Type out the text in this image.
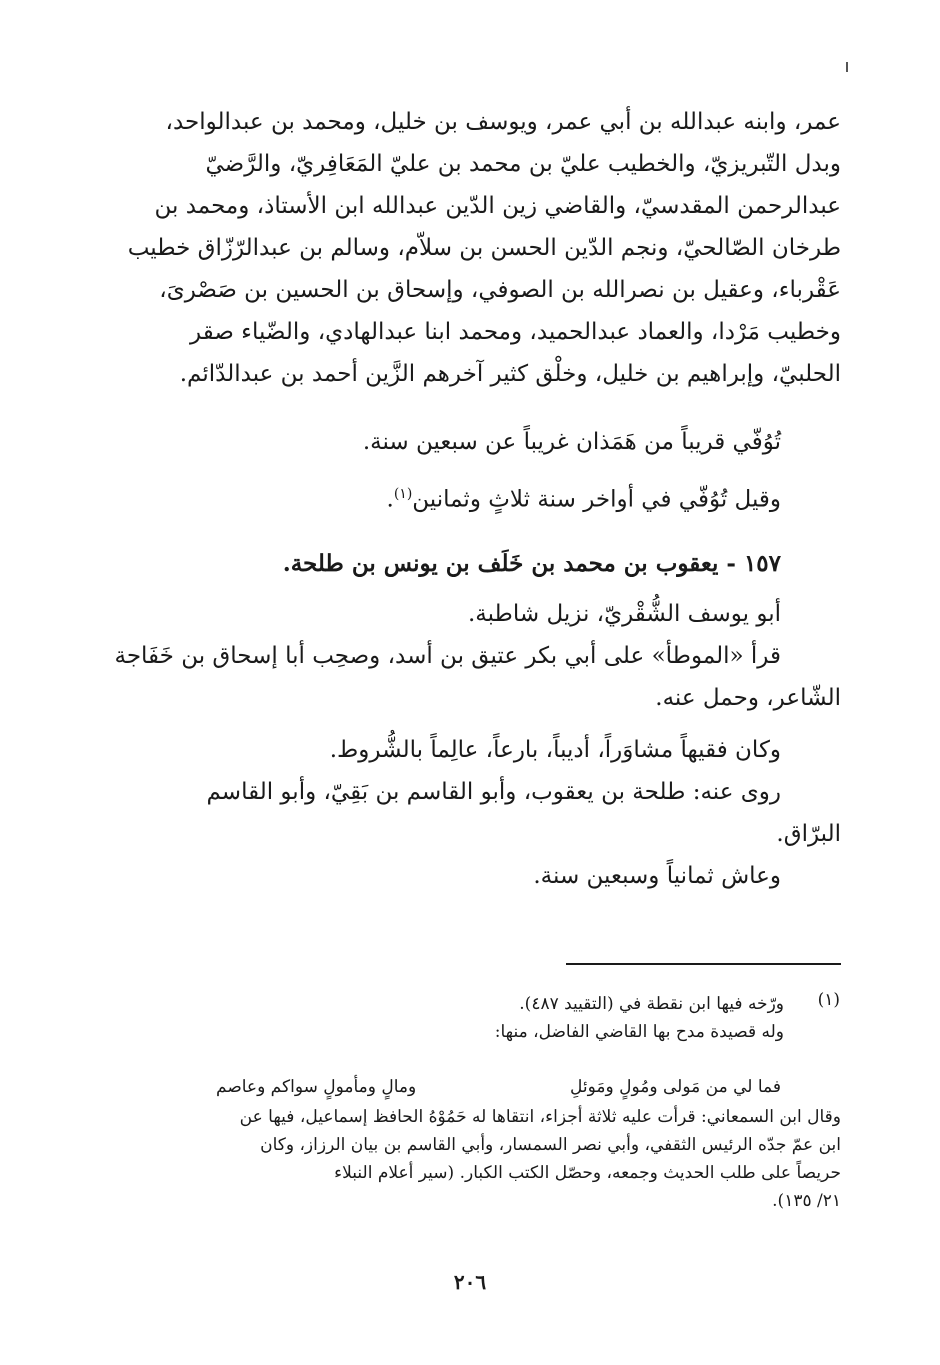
عمر، وابنه عبدالله بن أبي عمر، ويوسف بن خليل، ومحمد بن عبدالواحد،
وبدل التّبريزيّ، والخطيب عليّ بن محمد بن عليّ المَعَافِريّ، والرَّضيّ
عبدالرحمن المقدسيّ، والقاضي زين الدّين عبدالله ابن الأستاذ، ومحمد بن
طرخان الصّالحيّ، ونجم الدّين الحسن بن سلاّم، وسالم بن عبدالرّزّاق خطيب
عَقْرباء، وعقيل بن نصرالله بن الصوفي، وإسحاق بن الحسين بن صَصْرىَ،
وخطيب مَرْدا، والعماد عبدالحميد، ومحمد ابنا عبدالهادي، والضّياء صقر
الحلبيّ، وإبراهيم بن خليل، وخلْق كثير آخرهم الزَّين أحمد بن عبدالدّائم.
تُوُفّي قريباً من هَمَذان غريباً عن سبعين سنة.
وقيل تُوُفّي في أواخر سنة ثلاثٍ وثمانين$^{(١)}$.
١٥٧ - يعقوب بن محمد بن خَلَف بن يونس بن طلحة.
أبو يوسف الشُّقْريّ، نزيل شاطبة.
قرأ «الموطأ» على أبي بكر عتيق بن أسد، وصحِب أبا إسحاق بن خَفَاجة
الشّاعر، وحمل عنه.
وكان فقيهاً مشاوَراً، أديباً، بارعاً، عالِماً بالشُّروط.
روى عنه: طلحة بن يعقوب، وأبو القاسم بن بَقِيّ، وأبو القاسم
البرّاق.
وعاش ثمانياً وسبعين سنة.
(١)
ورّخه فيها ابن نقطة في (التقييد ٤٨٧).
وله قصيدة مدح بها القاضي الفاضل، منها:
فما لي من مَولى ومُولٍ ومَوئلِ
ومالٍ ومأمولٍ سواكم وعاصم
وقال ابن السمعاني: قرأت عليه ثلاثة أجزاء، انتقاها له حَمُوْهُ الحافظ إسماعيل، فيها عن
ابن عمّ جدّه الرئيس الثقفي، وأبي نصر السمسار، وأبي القاسم بن بيان الرزاز، وكان
حريصاً على طلب الحديث وجمعه، وحصّل الكتب الكبار. (سير أعلام النبلاء
٢١/ ١٣٥).
٢٠٦
